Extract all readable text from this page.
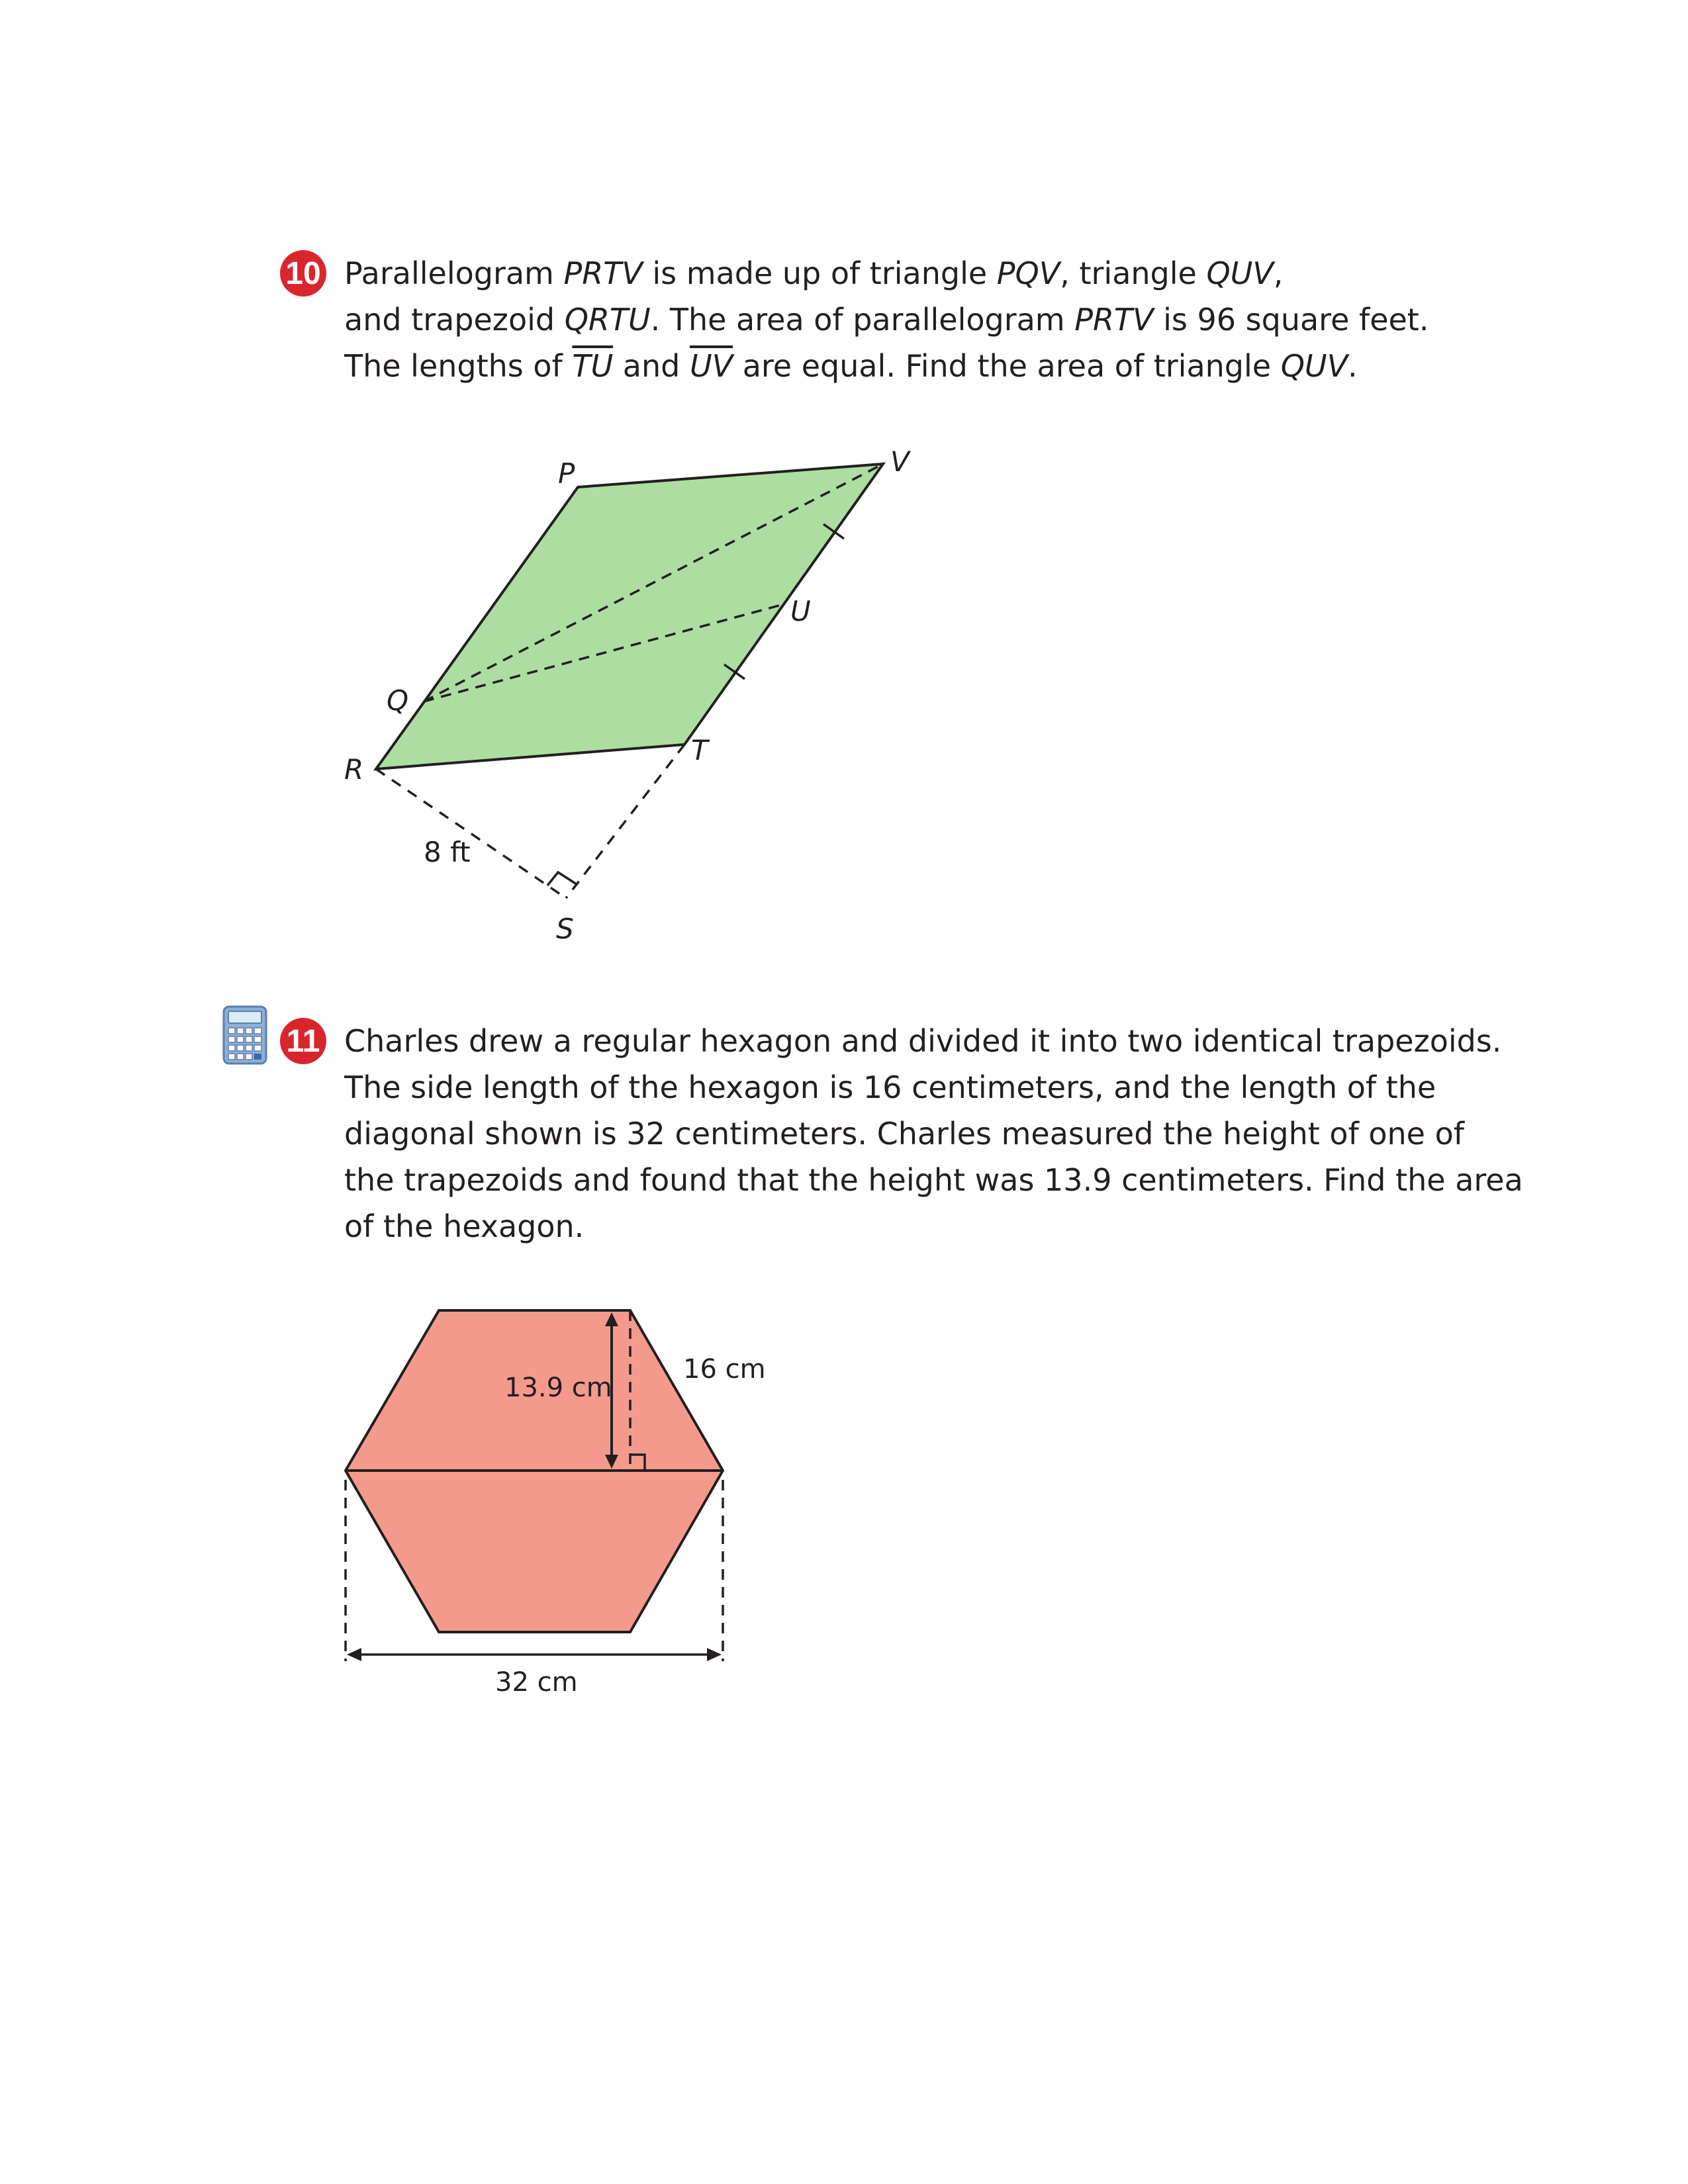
10 Parallelogram PRTV is made up of triangle PQV, triangle QUV,

and trapezoid QRTU. The area of parallelogram PRTV is 96 square feet.

The lengths of $\overline{TU}$ and $\overline{UV}$ are equal. Find the area of triangle QUV.

P	V
U
Q
R
T
S
8 ft
11 Charles drew a regular hexagon and divided it into two identical trapezoids.

The side length of the hexagon is 16 centimeters, and the length of the

diagonal shown is 32 centimeters. Charles measured the height of one of

the trapezoids and found that the height was 13.9 centimeters. Find the area

of the hexagon.

13.9 cm
16 cm
32 cm
